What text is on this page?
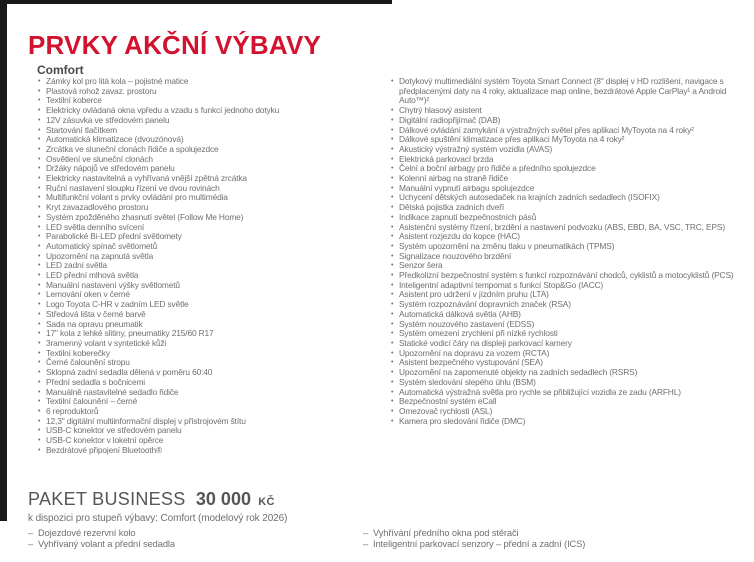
PRVKY AKČNÍ VÝBAVY
Comfort
• Zámky kol pro litá kola – pojistné matice
• Plastová rohož zavaz. prostoru
• Textilní koberce
• Elektricky ovládaná okna vpředu a vzadu s funkcí jednoho dotyku
• 12V zásuvka ve středovém panelu
• Startování tlačítkem
• Automatická klimatizace (dvouzónová)
• Zrcátka ve sluneční clonách řidiče a spolujezdce
• Osvětlení ve sluneční clonách
• Držáky nápojů ve středovém panelu
• Elektricky nastavitelná a vyhřívaná vnější zpětná zrcátka
• Ruční nastavení sloupku řízení ve dvou rovinách
• Multifunkční volant s prvky ovládání pro multimédia
• Kryt zavazadlového prostoru
• Systém zpožděného zhasnutí světel (Follow Me Home)
• LED světla denního svícení
• Parabolické Bi-LED přední světlomety
• Automatický spínač světlometů
• Upozornění na zapnutá světla
• LED zadní světla
• LED přední mlhová světla
• Manuální nastavení výšky světlometů
• Lemování oken v černé
• Logo Toyota C-HR v zadním LED světle
• Středová lišta v černé barvě
• Sada na opravu pneumatik
• 17" kola z lehké slitiny, pneumatiky 215/60 R17
• 3ramenný volant v syntetické kůži
• Textilní koberečky
• Černé čalounění stropu
• Sklopná zadní sedadla dělená v poměru 60:40
• Přední sedadla s bočnicemi
• Manuálně nastavitelné sedadlo řidiče
• Textilní čalounění – černé
• 6 reproduktorů
• 12,3" digitální multiinformační displej v přístrojovém štítu
• USB-C konektor ve středovém panelu
• USB-C konektor v loketní opěrce
• Bezdrátové připojení Bluetooth®
• Dotykový multimediální systém Toyota Smart Connect (8" displej v HD rozlišení, navigace s předplacenými daty na 4 roky, aktualizace map online, bezdrátové Apple CarPlay¹ a Android Auto™)²
• Chytrý hlasový asistent
• Digitální radiopřijímač (DAB)
• Dálkové ovládání zamykání a výstražných světel přes aplikaci MyToyota na 4 roky²
• Dálkové spuštění klimatizace přes aplikaci MyToyota na 4 roky²
• Akustický výstražný systém vozidla (AVAS)
• Elektrická parkovací brzda
• Čelní a boční airbagy pro řidiče a předního spolujezdce
• Kolenní airbag na straně řidiče
• Manuální vypnutí airbagu spolujezdce
• Uchycení dětských autosedaček na krajních zadních sedadlech (ISOFIX)
• Dětská pojistka zadních dveří
• Indikace zapnutí bezpečnostních pásů
• Asistenční systémy řízení, brzdění a nastavení podvozku (ABS, EBD, BA, VSC, TRC, EPS)
• Asistent rozjezdu do kopce (HAC)
• Systém upozornění na změnu tlaku v pneumatikách (TPMS)
• Signalizace nouzového brzdění
• Senzor šera
• Předkolizní bezpečnostní systém s funkcí rozpoznávání chodců, cyklistů a motocyklistů (PCS)
• Inteligentní adaptivní tempomat s funkcí Stop&Go (IACC)
• Asistent pro udržení v jízdním pruhu (LTA)
• Systém rozpoznávání dopravních značek (RSA)
• Automatická dálková světla (AHB)
• Systém nouzového zastavení (EDSS)
• Systém omezení zrychlení při nízké rychlosti
• Statické vodicí čáry na displeji parkovací kamery
• Upozornění na dopravu za vozem (RCTA)
• Asistent bezpečného vystupování (SEA)
• Upozornění na zapomenuté objekty na zadních sedadlech (RSRS)
• Systém sledování slepého úhlu (BSM)
• Automatická výstražná světla pro rychle se přibližující vozidla ze zadu (ARFHL)
• Bezpečnostní systém eCall
• Omezovač rychlosti (ASL)
• Kamera pro sledování řidiče (DMC)
PAKET BUSINESS 30 000 KČ
k dispozici pro stupeň výbavy: Comfort (modelový rok 2026)
– Dojezdové rezervní kolo
– Vyhřívaný volant a přední sedadla
– Vyhřívání předního okna pod stěrači
– Inteligentní parkovací senzory – přední a zadní (ICS)
